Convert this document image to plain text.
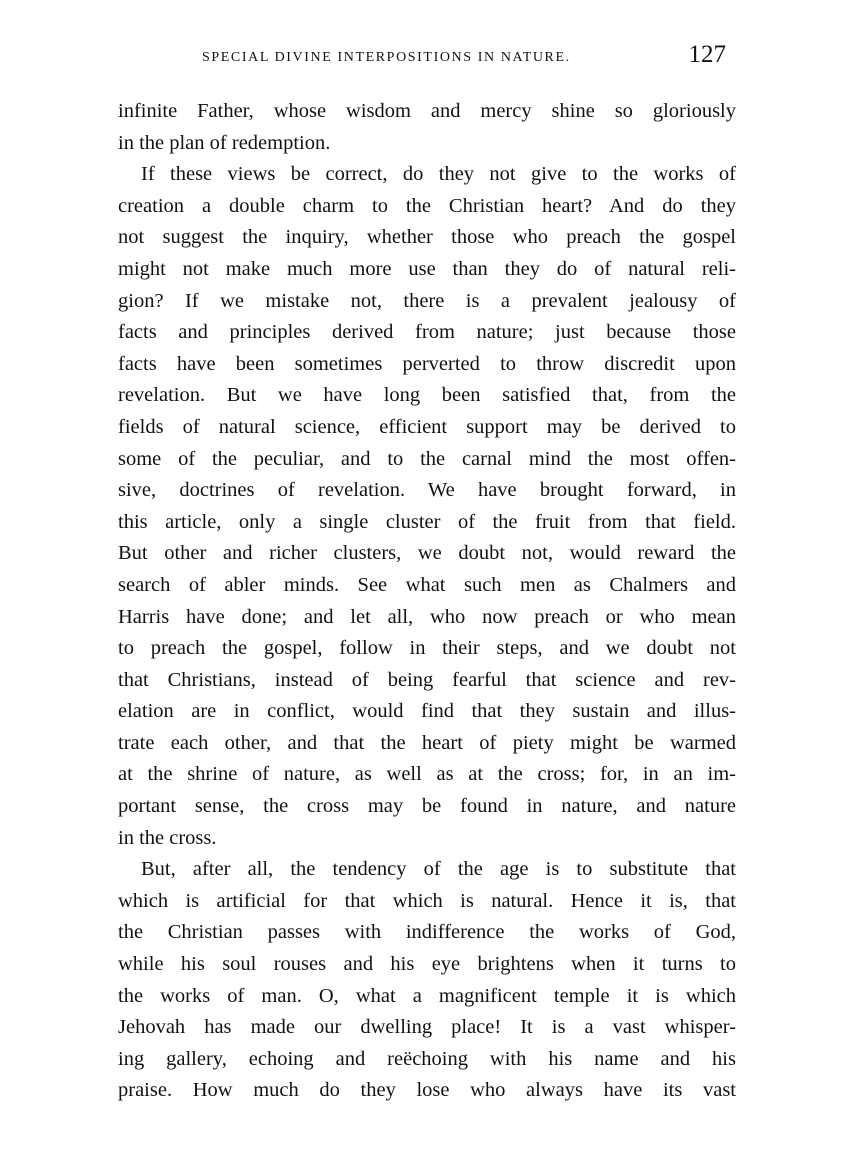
SPECIAL DIVINE INTERPOSITIONS IN NATURE.	127
infinite Father, whose wisdom and mercy shine so gloriously
in the plan of redemption.
If these views be correct, do they not give to the works of
creation a double charm to the Christian heart? And do they
not suggest the inquiry, whether those who preach the gospel
might not make much more use than they do of natural reli-
gion? If we mistake not, there is a prevalent jealousy of
facts and principles derived from nature; just because those
facts have been sometimes perverted to throw discredit upon
revelation. But we have long been satisfied that, from the
fields of natural science, efficient support may be derived to
some of the peculiar, and to the carnal mind the most offen-
sive, doctrines of revelation. We have brought forward, in
this article, only a single cluster of the fruit from that field.
But other and richer clusters, we doubt not, would reward the
search of abler minds. See what such men as Chalmers and
Harris have done; and let all, who now preach or who mean
to preach the gospel, follow in their steps, and we doubt not
that Christians, instead of being fearful that science and rev-
elation are in conflict, would find that they sustain and illus-
trate each other, and that the heart of piety might be warmed
at the shrine of nature, as well as at the cross; for, in an im-
portant sense, the cross may be found in nature, and nature
in the cross.
But, after all, the tendency of the age is to substitute that
which is artificial for that which is natural. Hence it is, that
the Christian passes with indifference the works of God,
while his soul rouses and his eye brightens when it turns to
the works of man. O, what a magnificent temple it is which
Jehovah has made our dwelling place! It is a vast whisper-
ing gallery, echoing and reëchoing with his name and his
praise. How much do they lose who always have its vast
